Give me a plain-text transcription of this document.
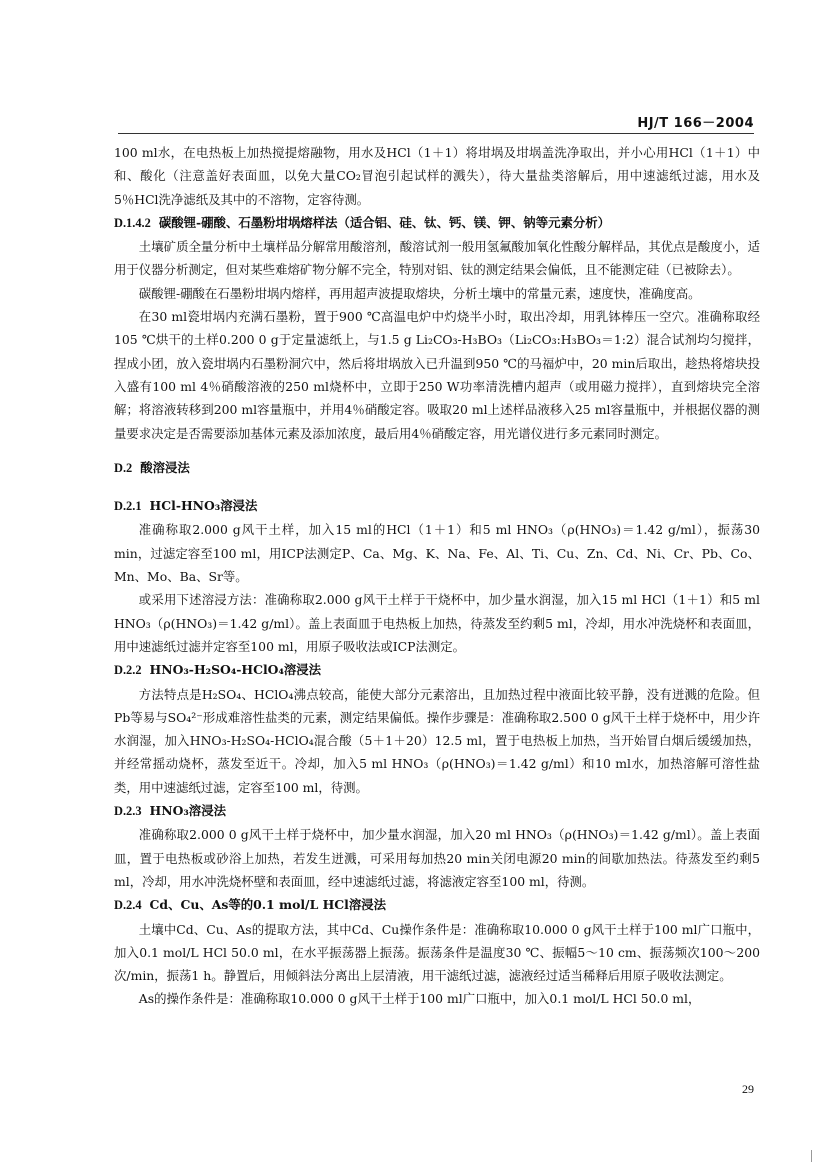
HJ/T 166－2004

100 ml水，在电热板上加热搅提熔融物，用水及HCl（1＋1）将坩埚及坩埚盖洗净取出，并小心用HCl（1＋1）中和、酸化（注意盖好表面皿，以免大量CO₂冒泡引起试样的溅失），待大量盐类溶解后，用中速滤纸过滤，用水及5％HCl洗净滤纸及其中的不溶物，定容待测。

D.1.4.2 碳酸锂-硼酸、石墨粉坩埚熔样法（适合铝、硅、钛、钙、镁、钾、钠等元素分析）

土壤矿质全量分析中土壤样品分解常用酸溶剂，酸溶试剂一般用氢氟酸加氧化性酸分解样品，其优点是酸度小，适用于仪器分析测定，但对某些难熔矿物分解不完全，特别对铝、钛的测定结果会偏低，且不能测定硅（已被除去）。

碳酸锂-硼酸在石墨粉坩埚内熔样，再用超声波提取熔块，分析土壤中的常量元素，速度快，准确度高。

在30 ml瓷坩埚内充满石墨粉，置于900 ℃高温电炉中灼烧半小时，取出冷却，用乳钵棒压一空穴。准确称取经105 ℃烘干的土样0.200 0 g于定量滤纸上，与1.5 g Li₂CO₃-H₃BO₃（Li₂CO₃:H₃BO₃＝1:2）混合试剂均匀搅拌，捏成小团，放入瓷坩埚内石墨粉洞穴中，然后将坩埚放入已升温到950 ℃的马福炉中，20 min后取出，趁热将熔块投入盛有100 ml 4％硝酸溶液的250 ml烧杯中，立即于250 W功率清洗槽内超声（或用磁力搅拌），直到熔块完全溶解；将溶液转移到200 ml容量瓶中，并用4％硝酸定容。吸取20 ml上述样品液移入25 ml容量瓶中，并根据仪器的测量要求决定是否需要添加基体元素及添加浓度，最后用4％硝酸定容，用光谱仪进行多元素同时测定。

D.2 酸溶浸法
D.2.1 HCl-HNO₃溶浸法

准确称取2.000 g风干土样，加入15 ml的HCl（1＋1）和5 ml HNO₃（ρ(HNO₃)＝1.42 g/ml），振荡30 min，过滤定容至100 ml，用ICP法测定P、Ca、Mg、K、Na、Fe、Al、Ti、Cu、Zn、Cd、Ni、Cr、Pb、Co、Mn、Mo、Ba、Sr等。

或采用下述溶浸方法：准确称取2.000 g风干土样于干烧杯中，加少量水润湿，加入15 ml HCl（1＋1）和5 ml HNO₃（ρ(HNO₃)＝1.42 g/ml）。盖上表面皿于电热板上加热，待蒸发至约剩5 ml，冷却，用水冲洗烧杯和表面皿，用中速滤纸过滤并定容至100 ml，用原子吸收法或ICP法测定。

D.2.2 HNO₃-H₂SO₄-HClO₄溶浸法

方法特点是H₂SO₄、HClO₄沸点较高，能使大部分元素溶出，且加热过程中液面比较平静，没有迸溅的危险。但Pb等易与SO₄²⁻形成难溶性盐类的元素，测定结果偏低。操作步骤是：准确称取2.500 0 g风干土样于烧杯中，用少许水润湿，加入HNO₃-H₂SO₄-HClO₄混合酸（5＋1＋20）12.5 ml，置于电热板上加热，当开始冒白烟后缓缓加热，并经常摇动烧杯，蒸发至近干。冷却，加入5 ml HNO₃（ρ(HNO₃)＝1.42 g/ml）和10 ml水，加热溶解可溶性盐类，用中速滤纸过滤，定容至100 ml，待测。

D.2.3 HNO₃溶浸法

准确称取2.000 0 g风干土样于烧杯中，加少量水润湿，加入20 ml HNO₃（ρ(HNO₃)＝1.42 g/ml）。盖上表面皿，置于电热板或砂浴上加热，若发生迸溅，可采用每加热20 min关闭电源20 min的间歇加热法。待蒸发至约剩5 ml，冷却，用水冲洗烧杯壁和表面皿，经中速滤纸过滤，将滤液定容至100 ml，待测。

D.2.4 Cd、Cu、As等的0.1 mol/L HCl溶浸法

土壤中Cd、Cu、As的提取方法，其中Cd、Cu操作条件是：准确称取10.000 0 g风干土样于100 ml广口瓶中，加入0.1 mol/L HCl 50.0 ml，在水平振荡器上振荡。振荡条件是温度30 ℃、振幅5～10 cm、振荡频次100～200次/min，振荡1 h。静置后，用倾斜法分离出上层清液，用干滤纸过滤，滤液经过适当稀释后用原子吸收法测定。

As的操作条件是：准确称取10.000 0 g风干土样于100 ml广口瓶中，加入0.1 mol/L HCl 50.0 ml，

29
